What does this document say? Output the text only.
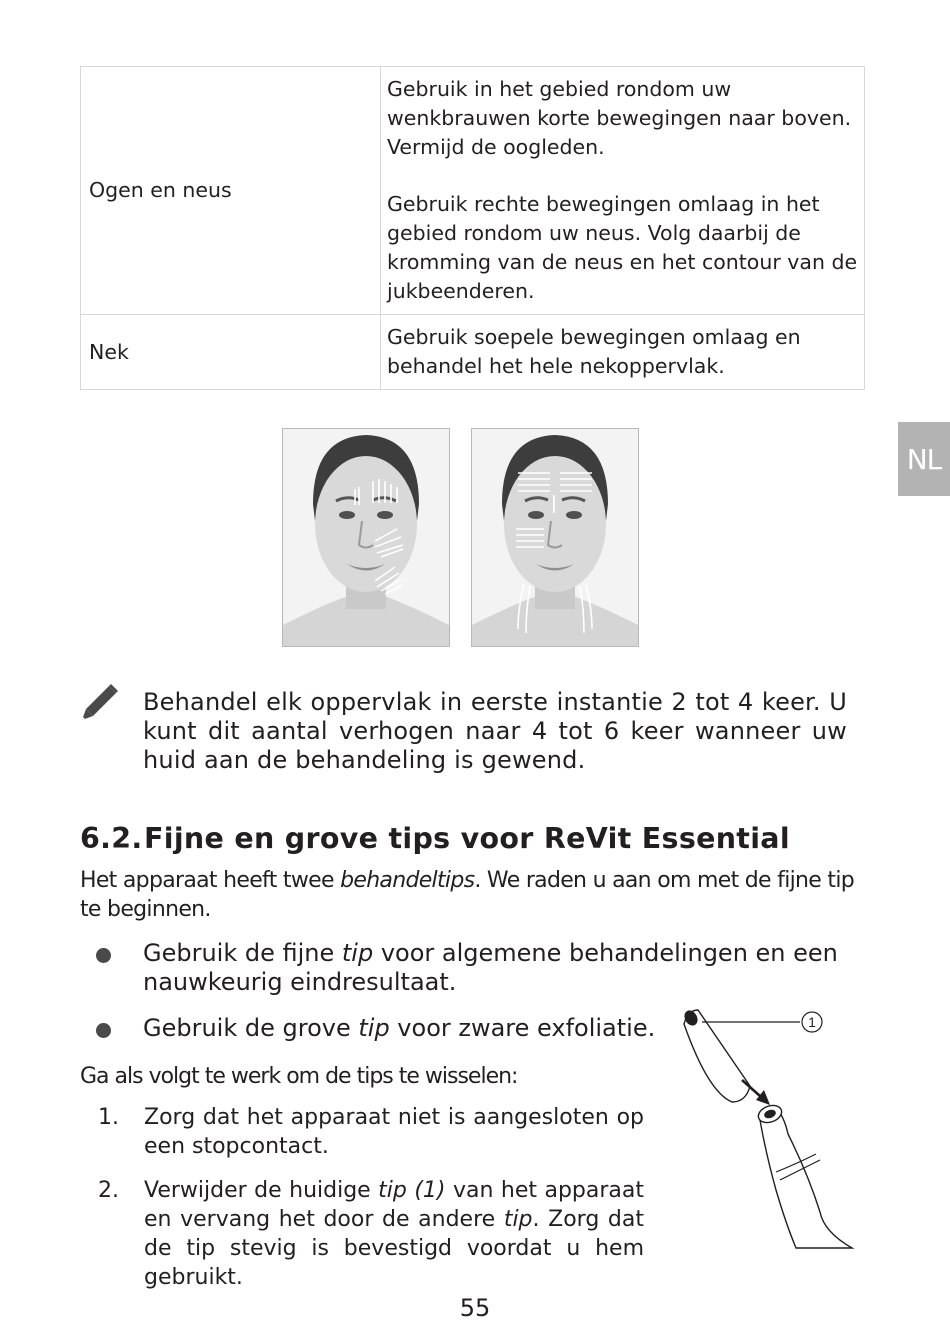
Ogen en neus	Gebruik in het gebied rondom uw wenkbrauwen korte bewegingen naar boven. Vermijd de oogleden.

Gebruik rechte bewegingen omlaag in het gebied rondom uw neus. Volg daarbij de kromming van de neus en het contour van de jukbeenderen.

Nek	Gebruik soepele bewegingen omlaag en behandel het hele nekoppervlak.

NL
Behandel elk oppervlak in eerste instantie 2 tot 4 keer. U kunt dit aantal verhogen naar 4 tot 6 keer wanneer uw huid aan de behandeling is gewend.
6.2.Fijne en grove tips voor ReVit Essential
Het apparaat heeft twee behandeltips. We raden u aan om met de fijne tip te beginnen.
Gebruik de fijne tip voor algemene behandelingen en een nauwkeurig eindresultaat.
Gebruik de grove tip voor zware exfoliatie.
Ga als volgt te werk om de tips te wisselen:
1. Zorg dat het apparaat niet is aangesloten op een stopcontact.
2. Verwijder de huidige tip (1) van het apparaat en vervang het door de andere tip. Zorg dat de tip stevig is bevestigd voordat u hem gebruikt.
1
55
